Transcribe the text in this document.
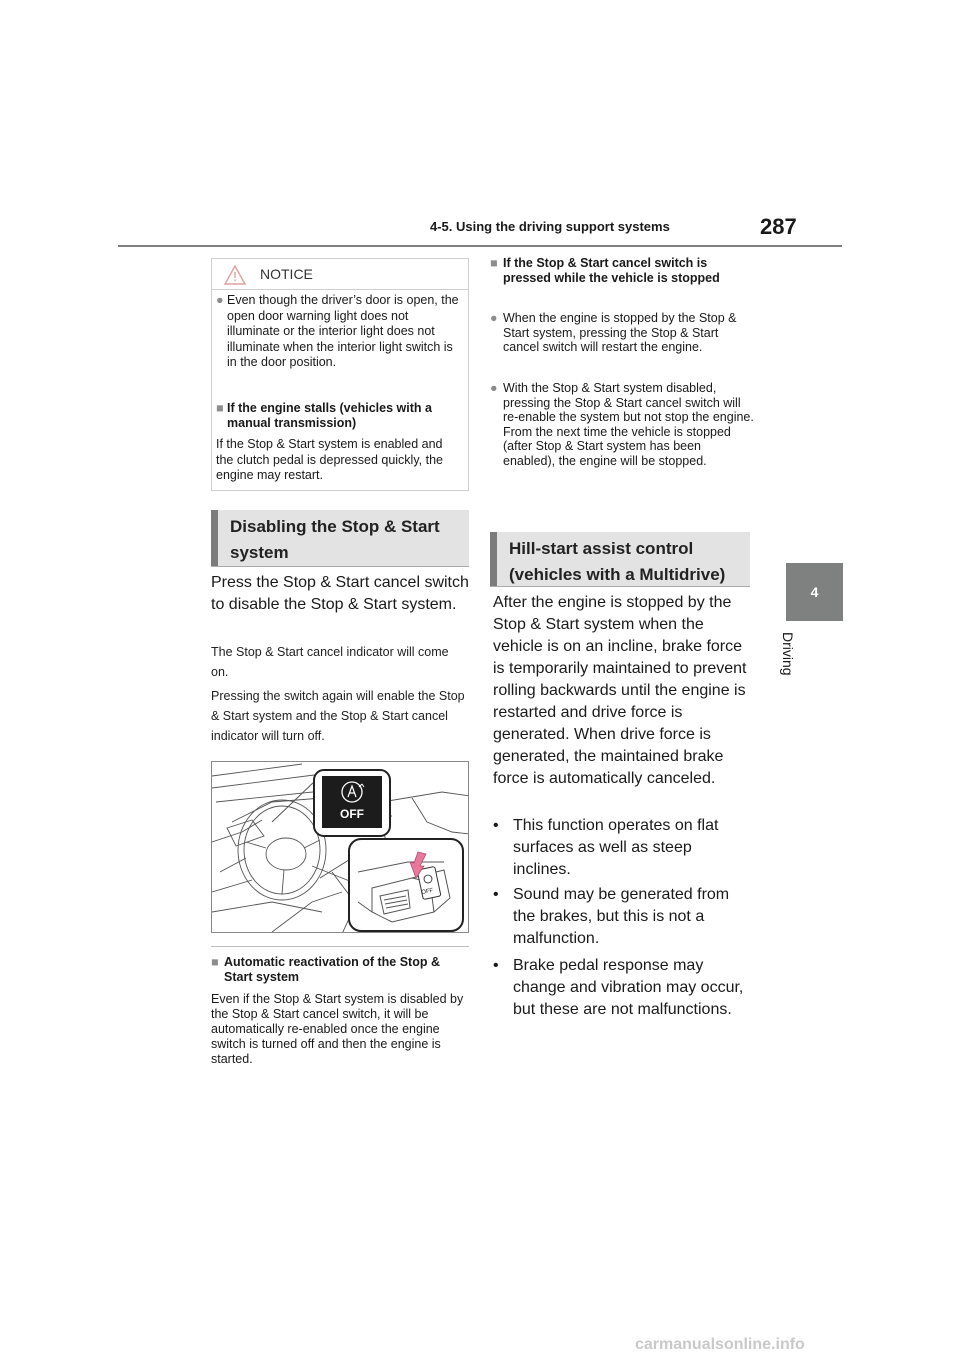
4-5. Using the driving support systems	287
4
Driving
NOTICE
● Even though the driver’s door is open, the open door warning light does not illuminate or the interior light does not illuminate when the interior light switch is in the door position.
■ If the engine stalls (vehicles with a manual transmission)
If the Stop & Start system is enabled and the clutch pedal is depressed quickly, the engine may restart.
Disabling the Stop & Start system
Press the Stop & Start cancel switch to disable the Stop & Start system.
The Stop & Start cancel indicator will come on.
Pressing the switch again will enable the Stop & Start system and the Stop & Start cancel indicator will turn off.
OFF
OFF
■ Automatic reactivation of the Stop & Start system
Even if the Stop & Start system is disabled by the Stop & Start cancel switch, it will be automatically re-enabled once the engine switch is turned off and then the engine is started.
■ If the Stop & Start cancel switch is pressed while the vehicle is stopped
● When the engine is stopped by the Stop & Start system, pressing the Stop & Start cancel switch will restart the engine.
● With the Stop & Start system disabled, pressing the Stop & Start cancel switch will re-enable the system but not stop the engine. From the next time the vehicle is stopped (after Stop & Start system has been enabled), the engine will be stopped.
Hill-start assist control (vehicles with a Multidrive)
After the engine is stopped by the Stop & Start system when the vehicle is on an incline, brake force is temporarily maintained to prevent rolling backwards until the engine is restarted and drive force is generated. When drive force is generated, the maintained brake force is automatically canceled.
• This function operates on flat surfaces as well as steep inclines.
• Sound may be generated from the brakes, but this is not a malfunction.
• Brake pedal response may change and vibration may occur, but these are not malfunctions.
carmanualsonline.info
